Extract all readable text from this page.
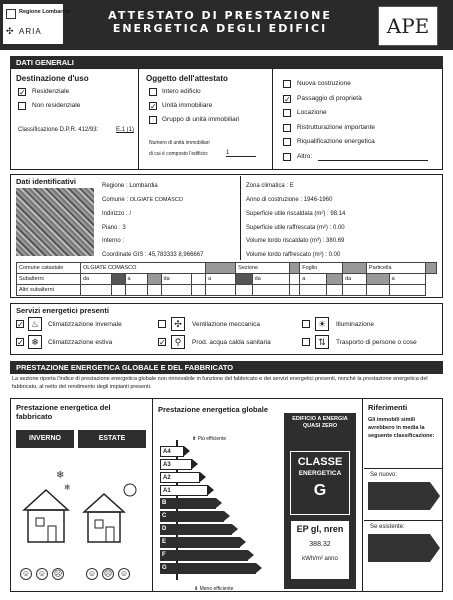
Regione Lombardia
✣ ARIA
ATTESTATO DI PRESTAZIONE
ENERGETICA DEGLI EDIFICI	APE
DATI GENERALI
Destinazione d'uso
✓ Residenziale
Non residenziale
Classificazione D.P.R. 412/93:	E.1 (1)
Oggetto dell'attestato
Intero edificio
✓ Unità immobiliare
Gruppo di unità immobiliari
Numero di unità immobiliari
di cui è composto l'edificio:	1
Nuova costruzione
✓ Passaggio di proprietà
Locazione
Ristrutturazione importante
Riqualificazione energetica
Altro:
Dati identificativi	Regione : Lombardia
Comune : OLGIATE COMASCO
Indirizzo : /
Piano : 3
Interno :
Coordinate GIS : 45,783333 8,966667
Zona climatica : E
Anno di costruzione : 1946-1960
Superficie utile riscaldata (m²) : 98.14
Superficie utile raffrescata (m²) : 0.00
Volume lordo riscaldato (m³) : 380.69
Volume lordo raffrescato (m³) : 0.00
Comune catastale	OLGIATE COMASCO							Sezione			Foglio			Particella		
Subalterni	da		a		da		a		da		a		da		a	
Altri subalterni																
Servizi energetici presenti
✓ ♨	Climatizzazione invernale
✓ ❄	Climatizzazione estiva
✣	Ventilazione meccanica
✓	⚲	Prod. acqua calda sanitaria
☀	Illuminazione
⇅	Trasporto di persone o cose
PRESTAZIONE ENERGETICA GLOBALE E DEL FABBRICATO
La sezione riporta l'indice di prestazione energetica globale non rinnovabile in funzione del fabbricato e dei servizi energetici presenti, nonché la prestazione energetica del fabbricato, al netto del rendimento degli impianti presenti.
Prestazione energetica del fabbricato
INVERNO	ESTATE
❄
❄
☺ ☺ ☹	☺ ☹ ☺
Prestazione energetica globale
⬆ Più efficiente
A4
A3
A2
A1
B
C
D
E
F
G
⬇ Meno efficiente
EDIFICIO A ENERGIA QUASI ZERO
CLASSE
ENERGETICA
G
EP gl, nren
388.32
kWh/m² anno
Riferimenti
Gli immobili simili avrebbero in media la seguente classificazione:
Se nuovo:
Se esistente:
